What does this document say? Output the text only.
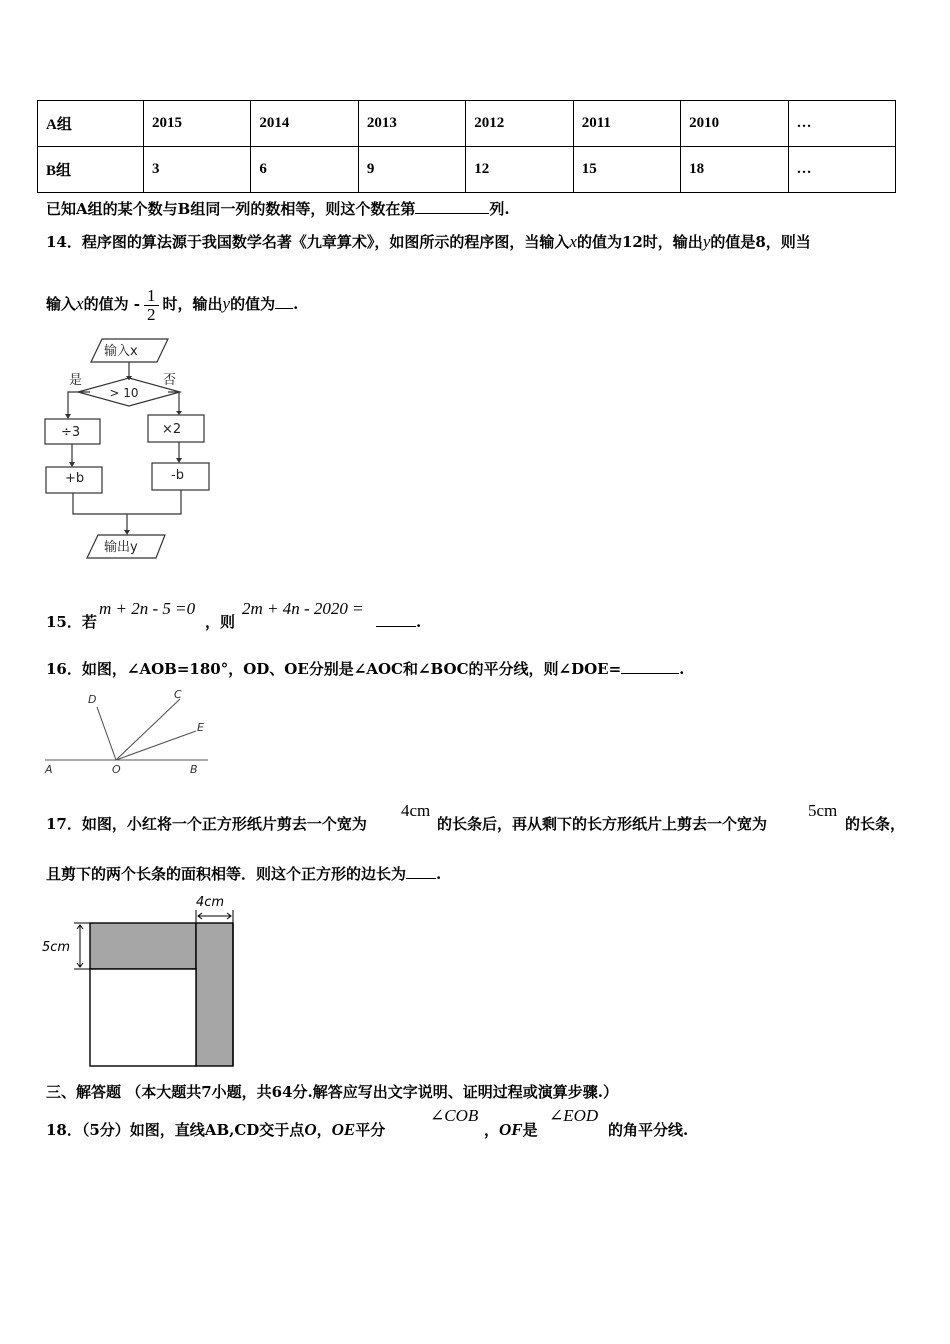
A组	2015	2014	2013	2012	2011	2010	…
B组	3	6	9	12	15	18	…
已知A组的某个数与B组同一列的数相等，则这个数在第	列.
14．程序图的算法源于我国数学名著《九章算术》，如图所示的程序图，当输入x的值为12时，输出y的值是8，则当
输入x的值为 - $\frac{1}{2}$ 时，输出y的值为 .
输入x
> 10
是	否
÷3	×2
+b	-b
输出y
15．若
m + 2n - 5 =0
，则
2m + 4n - 2020 =
.
16．如图，∠AOB=180°，OD、OE分别是∠AOC和∠BOC的平分线，则∠DOE=	.
A	O	B
C
D
E
17．如图，小红将一个正方形纸片剪去一个宽为
4cm
的长条后，再从剩下的长方形纸片上剪去一个宽为
5cm
的长条，
且剪下的两个长条的面积相等．则这个正方形的边长为 .
4cm
5cm
三、解答题 （本大题共7小题，共64分.解答应写出文字说明、证明过程或演算步骤.）
18．（5分）如图，直线AB,CD交于点O，OE平分
∠COB
，OF是
∠EOD
的角平分线.
